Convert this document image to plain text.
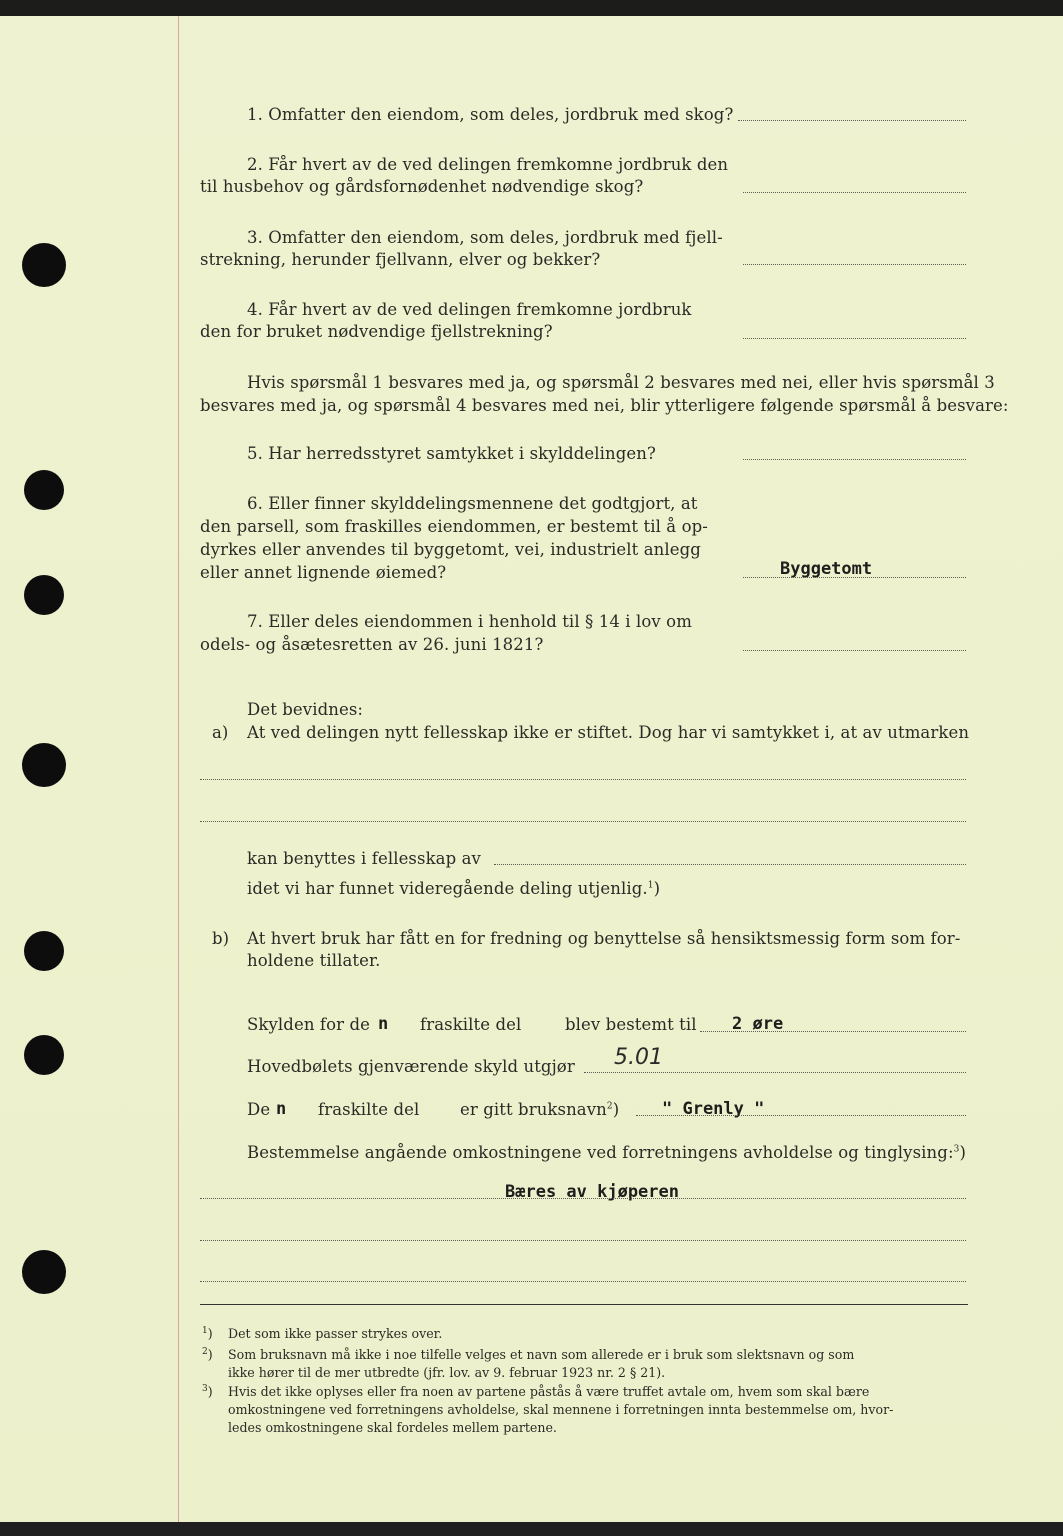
1. Omfatter den eiendom, som deles, jordbruk med skog?
2. Får hvert av de ved delingen fremkomne jordbruk den
til husbehov og gårdsfornødenhet nødvendige skog?
3. Omfatter den eiendom, som deles, jordbruk med fjell-
strekning, herunder fjellvann, elver og bekker?
4. Får hvert av de ved delingen fremkomne jordbruk
den for bruket nødvendige fjellstrekning?
Hvis spørsmål 1 besvares med ja, og spørsmål 2 besvares med nei, eller hvis spørsmål 3
besvares med ja, og spørsmål 4 besvares med nei, blir ytterligere følgende spørsmål å besvare:
5. Har herredsstyret samtykket i skylddelingen?
6. Eller finner skylddelingsmennene det godtgjort, at
den parsell, som fraskilles eiendommen, er bestemt til å op-
dyrkes eller anvendes til byggetomt, vei, industrielt anlegg
eller annet lignende øiemed?	Byggetomt
7. Eller deles eiendommen i henhold til § 14 i lov om
odels- og åsætesretten av 26. juni 1821?
Det bevidnes:
a) At ved delingen nytt fellesskap ikke er stiftet. Dog har vi samtykket i, at av utmarken
kan benyttes i fellesskap av
idet vi har funnet videregående deling utjenlig.$^1$)
b) At hvert bruk har fått en for fredning og benyttelse så hensiktsmessig form som for-
holdene tillater.
Skylden for de n fraskilte del	blev bestemt til 2 øre
Hovedbølets gjenværende skyld utgjør 5.01
De n fraskilte del er gitt bruksnavn$^2$)	" Grenly "
Bestemmelse angående omkostningene ved forretningens avholdelse og tinglysing:$^3$)
Bæres av kjøperen
$^1$) Det som ikke passer strykes over.
$^2$) Som bruksnavn må ikke i noe tilfelle velges et navn som allerede er i bruk som slektsnavn og som
ikke hører til de mer utbredte (jfr. lov. av 9. februar 1923 nr. 2 § 21).
$^3$) Hvis det ikke oplyses eller fra noen av partene påstås å være truffet avtale om, hvem som skal bære
omkostningene ved forretningens avholdelse, skal mennene i forretningen innta bestemmelse om, hvor-
ledes omkostningene skal fordeles mellem partene.
